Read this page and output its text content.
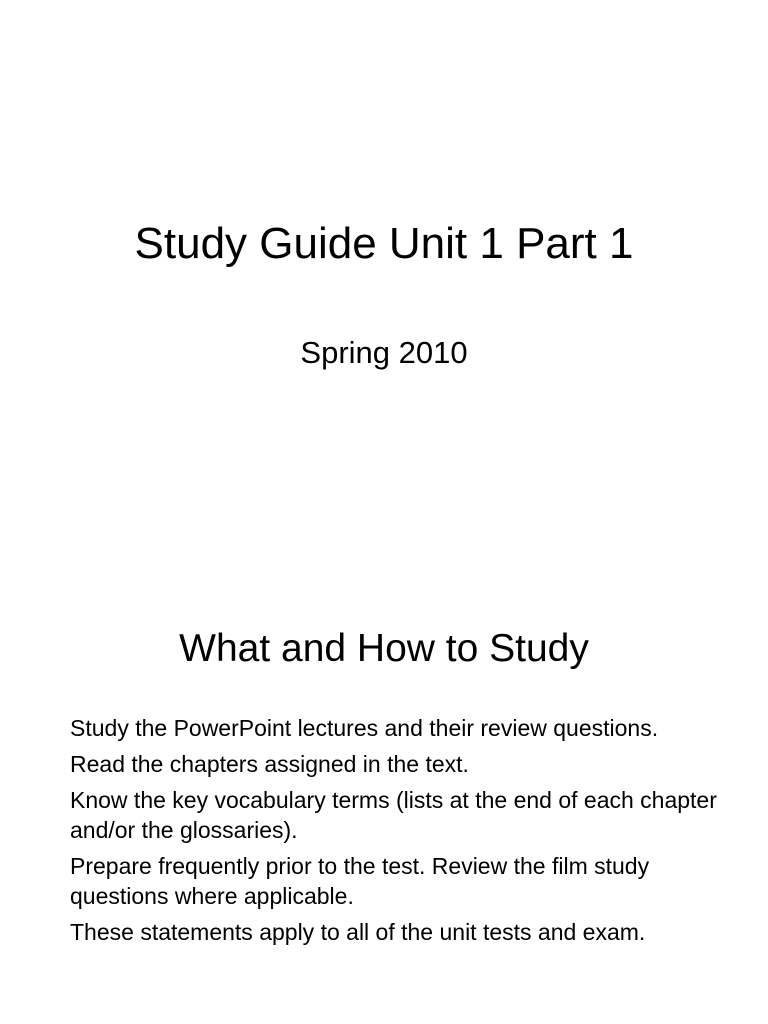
Study Guide Unit 1 Part 1
Spring 2010
What and How to Study
Study the PowerPoint lectures and their review questions.
Read the chapters assigned in the text.
Know the key vocabulary terms (lists at the end of each chapter and/or the glossaries).
Prepare frequently prior to the test. Review the film study questions where applicable.
These statements apply to all of the unit tests and exam.
